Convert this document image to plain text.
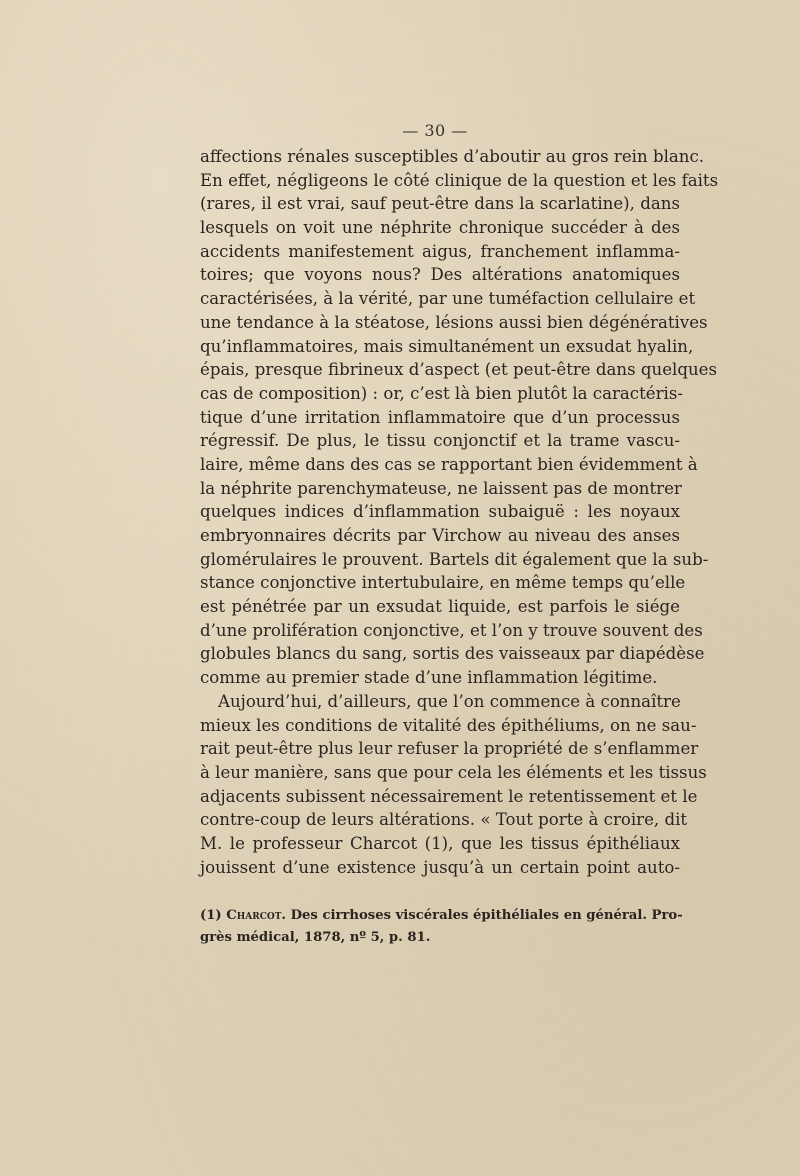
— 30 —
affections rénales susceptibles d’aboutir au gros rein blanc.
En effet, négligeons le côté clinique de la question et les faits
(rares, il est vrai, sauf peut-être dans la scarlatine), dans
lesquels on voit une néphrite chronique succéder à des
accidents manifestement aigus, franchement inflamma-
toires; que voyons nous? Des altérations anatomiques
caractérisées, à la vérité, par une tuméfaction cellulaire et
une tendance à la stéatose, lésions aussi bien dégénératives
qu’inflammatoires, mais simultanément un exsudat hyalin,
épais, presque fibrineux d’aspect (et peut-être dans quelques
cas de composition) : or, c’est là bien plutôt la caractéris-
tique d’une irritation inflammatoire que d’un processus
régressif. De plus, le tissu conjonctif et la trame vascu-
laire, même dans des cas se rapportant bien évidemment à
la néphrite parenchymateuse, ne laissent pas de montrer
quelques indices d’inflammation subaiguë : les noyaux
embryonnaires décrits par Virchow au niveau des anses
glomérulaires le prouvent. Bartels dit également que la sub-
stance conjonctive intertubulaire, en même temps qu’elle
est pénétrée par un exsudat liquide, est parfois le siége
d’une prolifération conjonctive, et l’on y trouve souvent des
globules blancs du sang, sortis des vaisseaux par diapédèse
comme au premier stade d’une inflammation légitime.
Aujourd’hui, d’ailleurs, que l’on commence à connaître
mieux les conditions de vitalité des épithéliums, on ne sau-
rait peut-être plus leur refuser la propriété de s’enflammer
à leur manière, sans que pour cela les éléments et les tissus
adjacents subissent nécessairement le retentissement et le
contre-coup de leurs altérations. « Tout porte à croire, dit
M. le professeur Charcot (1), que les tissus épithéliaux
jouissent d’une existence jusqu’à un certain point auto-
(1) Charcot. Des cirrhoses viscérales épithéliales en général. Pro-
grès médical, 1878, nº 5, p. 81.
